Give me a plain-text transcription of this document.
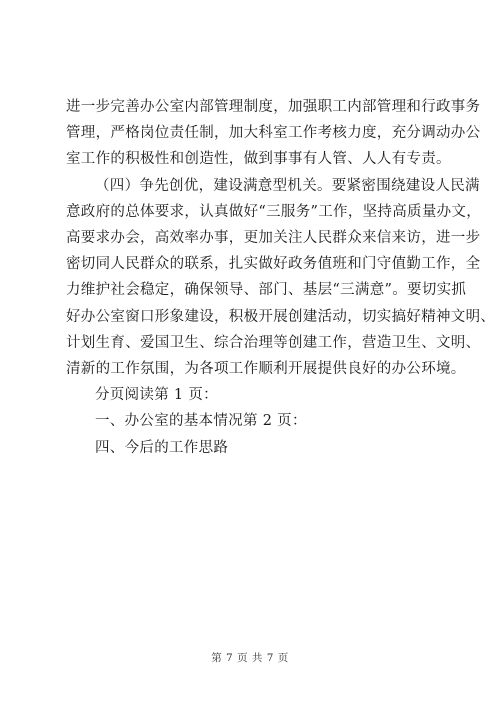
进一步完善办公室内部管理制度，加强职工内部管理和行政事务
管理，严格岗位责任制，加大科室工作考核力度，充分调动办公
室工作的积极性和创造性，做到事事有人管、人人有专责。
（四）争先创优，建设满意型机关。要紧密围绕建设人民满
意政府的总体要求，认真做好“三服务”工作，坚持高质量办文，
高要求办会，高效率办事，更加关注人民群众来信来访，进一步
密切同人民群众的联系，扎实做好政务值班和门守值勤工作，全
力维护社会稳定，确保领导、部门、基层“三满意”。要切实抓
好办公室窗口形象建设，积极开展创建活动，切实搞好精神文明、
计划生育、爱国卫生、综合治理等创建工作，营造卫生、文明、
清新的工作氛围，为各项工作顺利开展提供良好的办公环境。
分页阅读第 1 页：
一、办公室的基本情况第 2 页：
四、今后的工作思路
第 7 页 共 7 页
